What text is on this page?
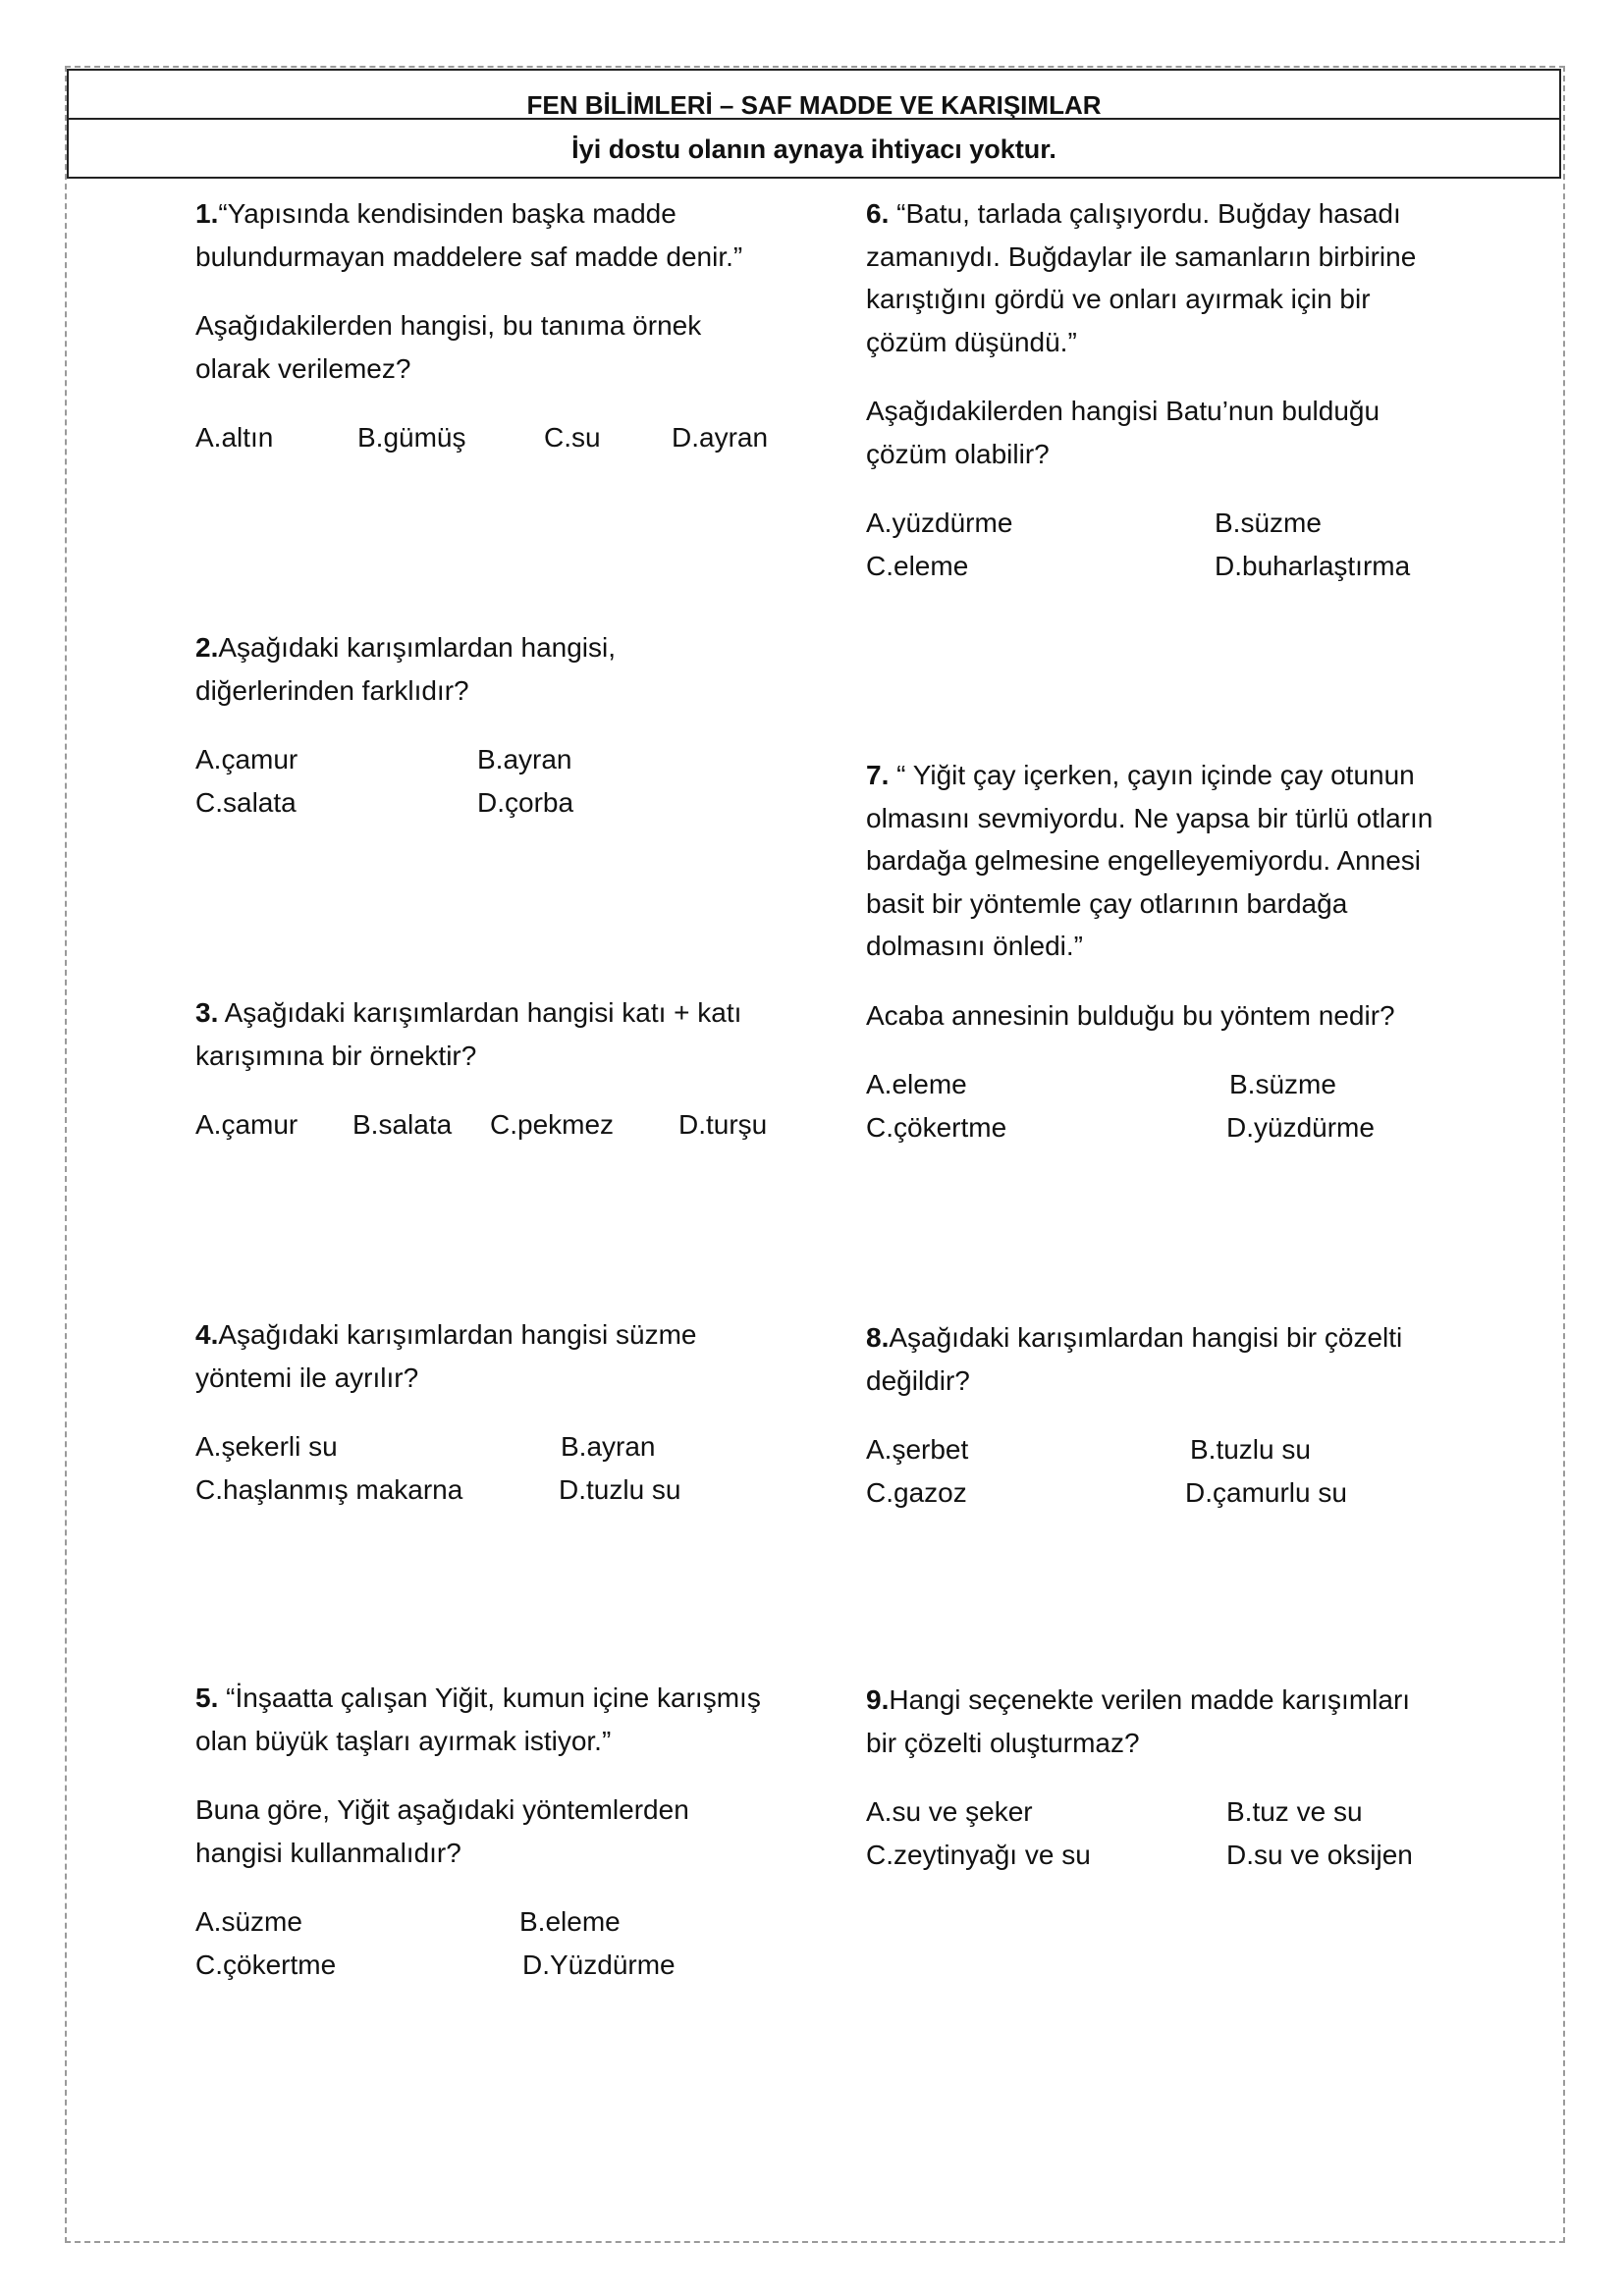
FEN BİLİMLERİ – SAF MADDE VE KARIŞIMLAR
İyi dostu olanın aynaya ihtiyacı yoktur.

1.“Yapısında kendisinden başka madde

bulundurmayan maddelere saf madde denir.”

Aşağıdakilerden hangisi, bu tanıma örnek

olarak verilemez?

A.altın	B.gümüş	C.su	D.ayran

2.Aşağıdaki karışımlardan hangisi,

diğerlerinden farklıdır?

A.çamur	B.ayran
C.salata	D.çorba

3. Aşağıdaki karışımlardan hangisi katı + katı

karışımına bir örnektir?

A.çamur B.salata C.pekmez D.turşu

4.Aşağıdaki karışımlardan hangisi süzme

yöntemi ile ayrılır?

A.şekerli su	B.ayran
C.haşlanmış makarna	D.tuzlu su

5. “İnşaatta çalışan Yiğit, kumun içine karışmış

olan büyük taşları ayırmak istiyor.”

Buna göre, Yiğit aşağıdaki yöntemlerden

hangisi kullanmalıdır?

A.süzme	B.eleme
C.çökertme	D.Yüzdürme

6. “Batu, tarlada çalışıyordu. Buğday hasadı

zamanıydı. Buğdaylar ile samanların birbirine

karıştığını gördü ve onları ayırmak için bir

çözüm düşündü.”

Aşağıdakilerden hangisi Batu’nun bulduğu

çözüm olabilir?

A.yüzdürme	B.süzme
C.eleme	D.buharlaştırma

7. “ Yiğit çay içerken, çayın içinde çay otunun

olmasını sevmiyordu. Ne yapsa bir türlü otların

bardağa gelmesine engelleyemiyordu. Annesi

basit bir yöntemle çay otlarının bardağa

dolmasını önledi.”

Acaba annesinin bulduğu bu yöntem nedir?

A.eleme	B.süzme
C.çökertme	D.yüzdürme

8.Aşağıdaki karışımlardan hangisi bir çözelti

değildir?

A.şerbet	B.tuzlu su
C.gazoz	D.çamurlu su

9.Hangi seçenekte verilen madde karışımları

bir çözelti oluşturmaz?

A.su ve şeker	B.tuz ve su
C.zeytinyağı ve su	D.su ve oksijen
